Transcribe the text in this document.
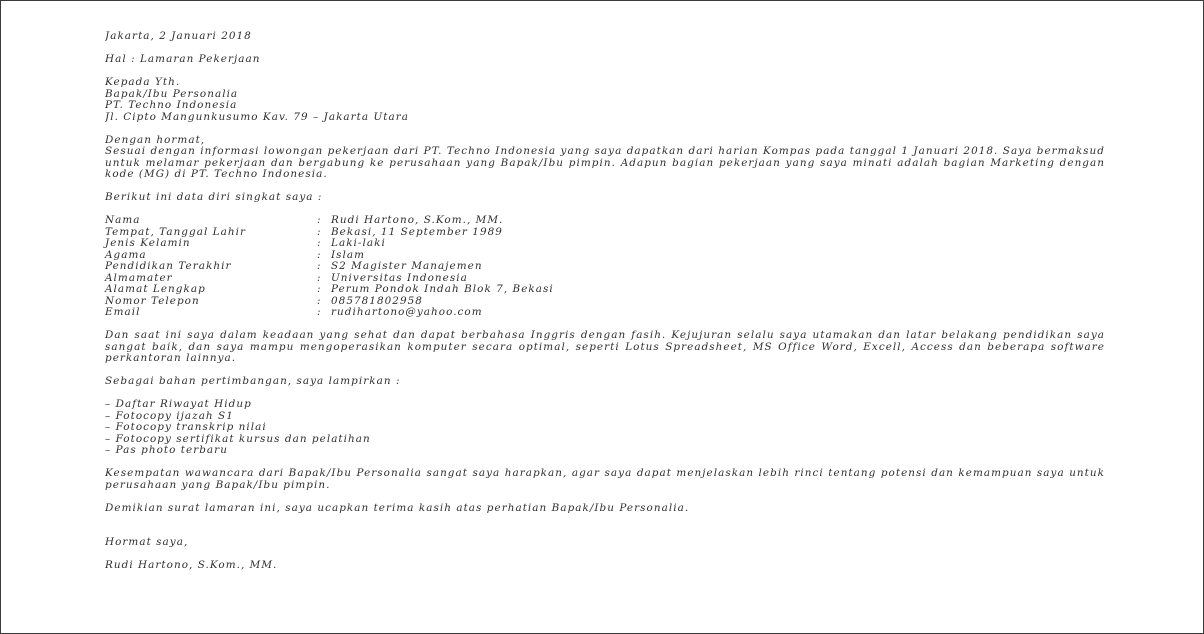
Jakarta, 2 Januari 2018
Hal : Lamaran Pekerjaan
Kepada Yth.
Bapak/Ibu Personalia
PT. Techno Indonesia
Jl. Cipto Mangunkusumo Kav. 79 – Jakarta Utara
Dengan hormat,
Sesuai dengan informasi lowongan pekerjaan dari PT. Techno Indonesia yang saya dapatkan dari harian Kompas pada tanggal 1 Januari 2018. Saya bermaksud untuk melamar pekerjaan dan bergabung ke perusahaan yang Bapak/Ibu pimpin. Adapun bagian pekerjaan yang saya minati adalah bagian Marketing dengan kode (MG) di PT. Techno Indonesia.
Berikut ini data diri singkat saya :
Nama	: Rudi Hartono, S.Kom., MM.
Tempat, Tanggal Lahir	: Bekasi, 11 September 1989
Jenis Kelamin	: Laki-laki
Agama	: Islam
Pendidikan Terakhir	: S2 Magister Manajemen
Almamater	: Universitas Indonesia
Alamat Lengkap	: Perum Pondok Indah Blok 7, Bekasi
Nomor Telepon	: 085781802958
Email	: rudihartono@yahoo.com
Dan saat ini saya dalam keadaan yang sehat dan dapat berbahasa Inggris dengan fasih. Kejujuran selalu saya utamakan dan latar belakang pendidikan saya sangat baik, dan saya mampu mengoperasikan komputer secara optimal, seperti Lotus Spreadsheet, MS Office Word, Excell, Access dan beberapa software perkantoran lainnya.
Sebagai bahan pertimbangan, saya lampirkan :
– Daftar Riwayat Hidup
– Fotocopy ijazah S1
– Fotocopy transkrip nilai
– Fotocopy sertifikat kursus dan pelatihan
– Pas photo terbaru
Kesempatan wawancara dari Bapak/Ibu Personalia sangat saya harapkan, agar saya dapat menjelaskan lebih rinci tentang potensi dan kemampuan saya untuk perusahaan yang Bapak/Ibu pimpin.
Demikian surat lamaran ini, saya ucapkan terima kasih atas perhatian Bapak/Ibu Personalia.
Hormat saya,
Rudi Hartono, S.Kom., MM.
